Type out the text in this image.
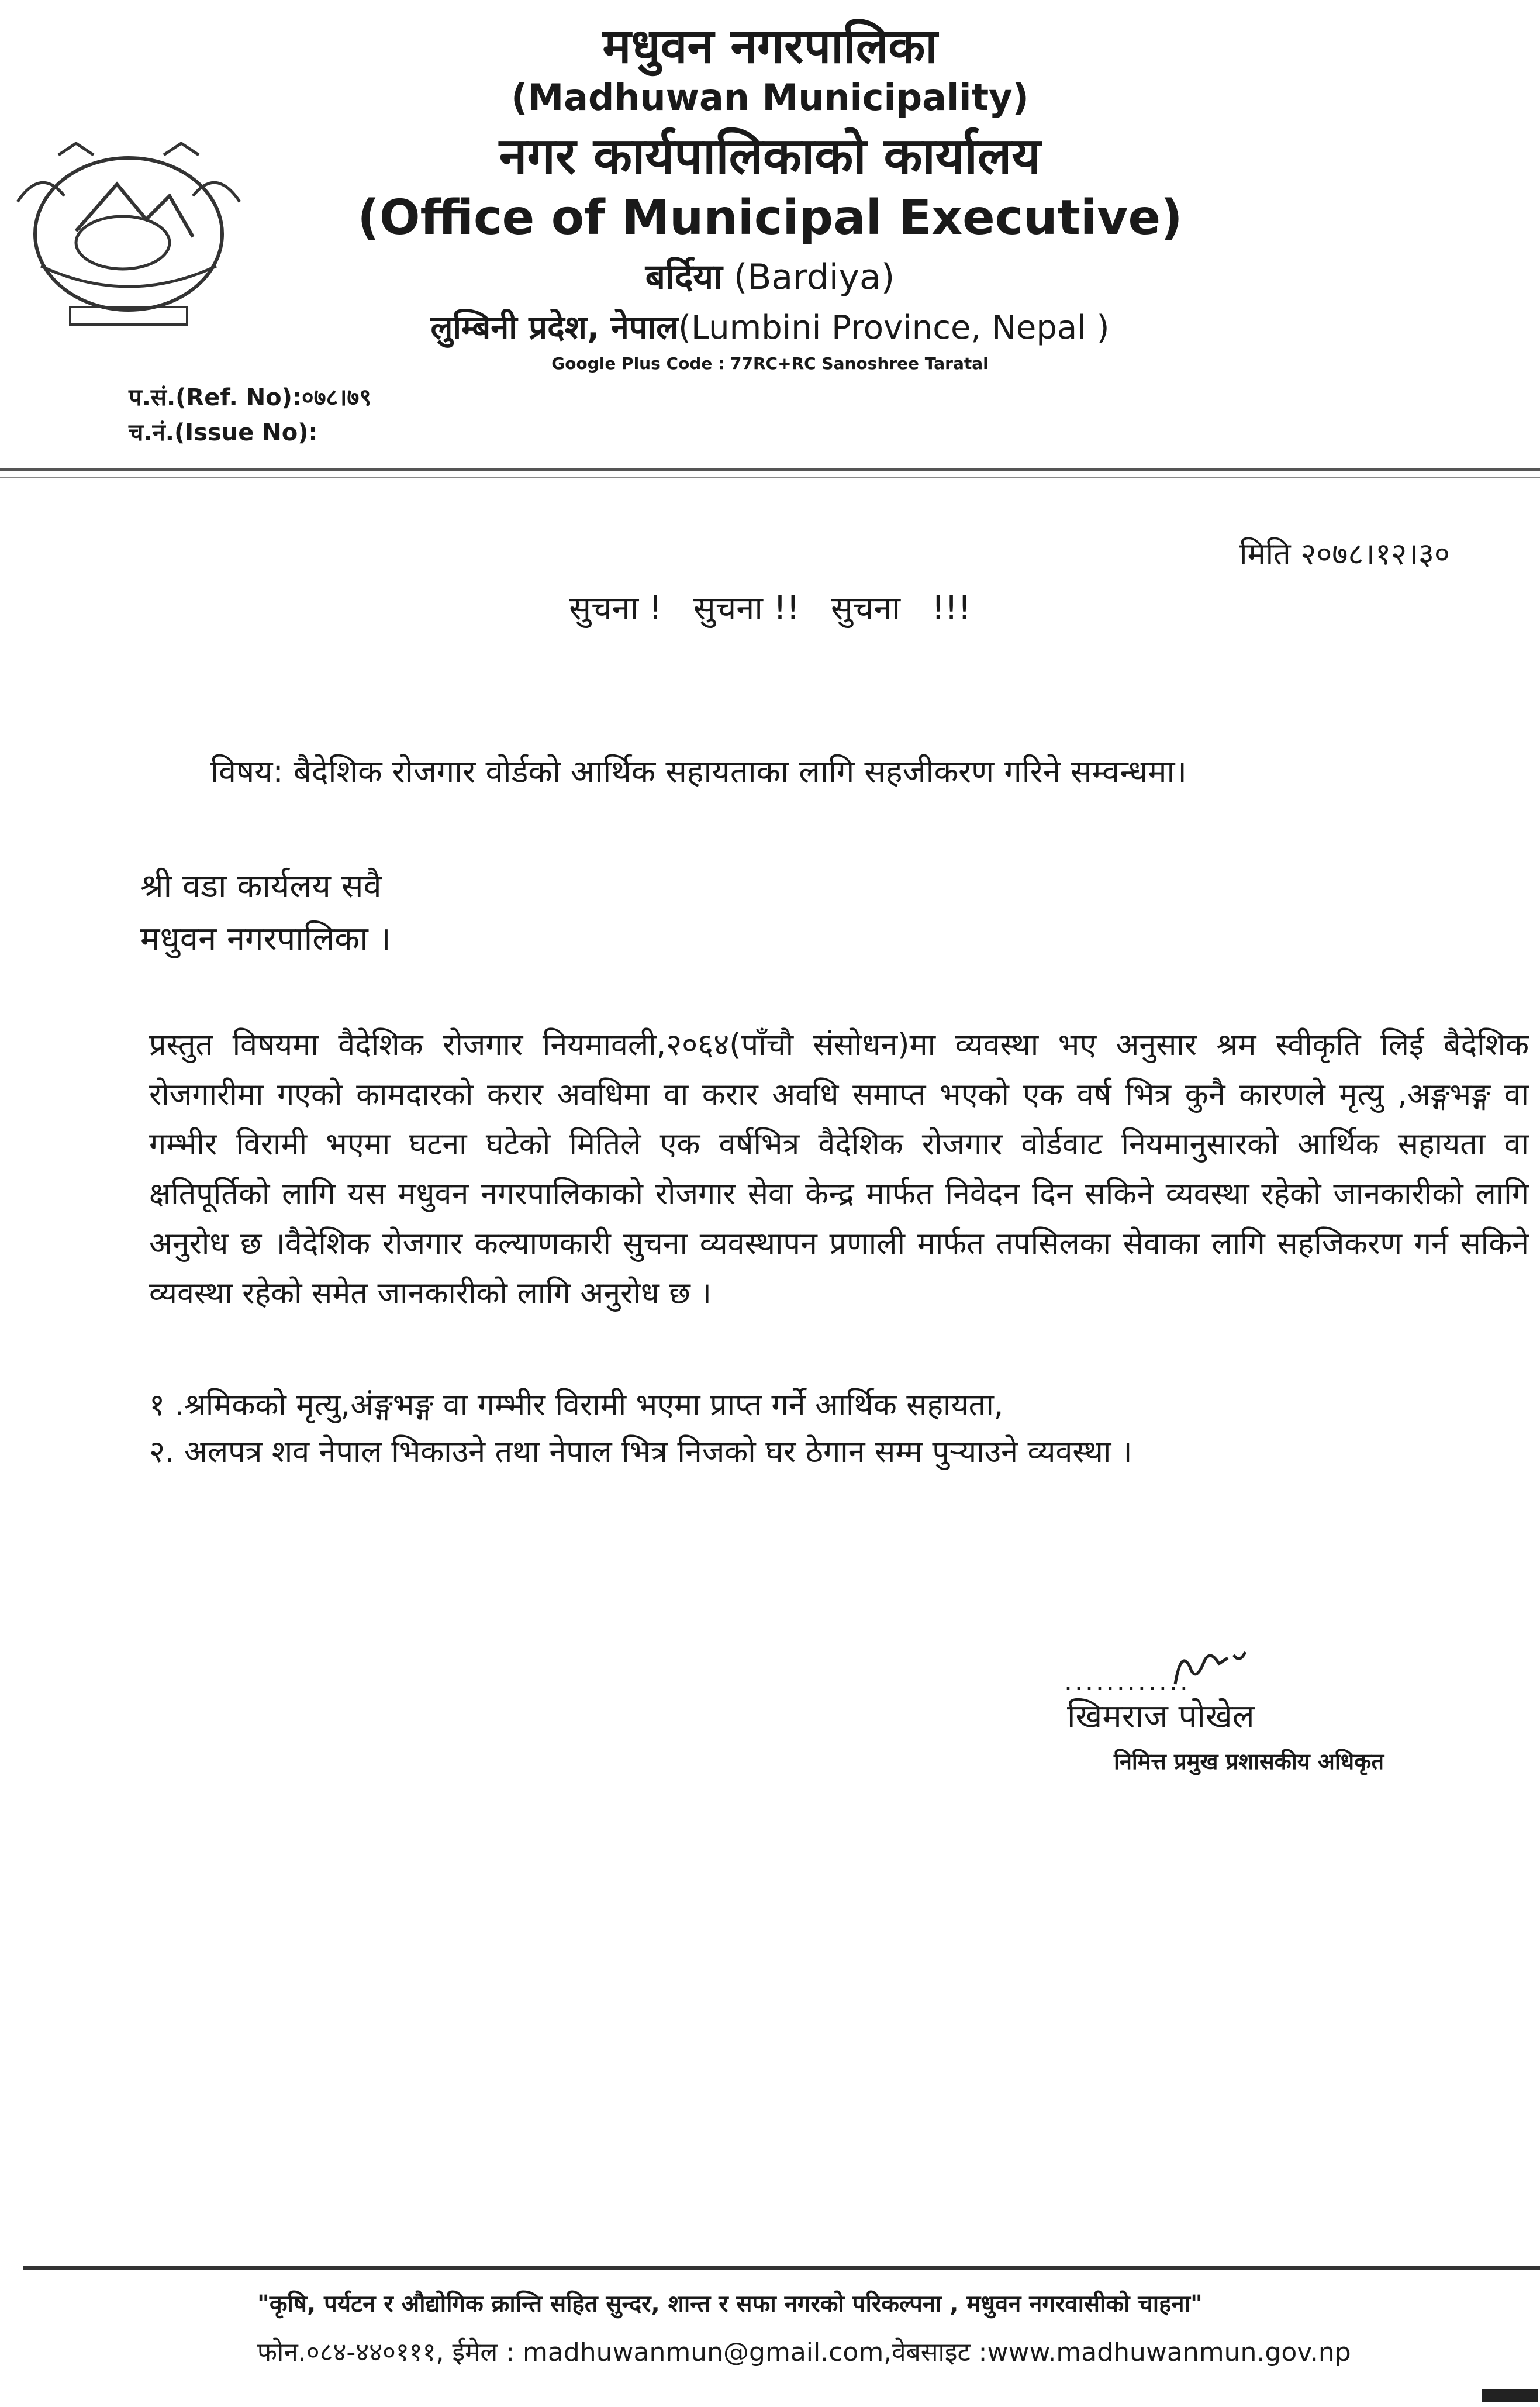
मधुवन नगरपालिका
(Madhuwan Municipality)
नगर कार्यपालिकाको कार्यालय
(Office of Municipal Executive)
बर्दिया (Bardiya)
लुम्बिनी प्रदेश, नेपाल(Lumbini Province, Nepal )
Google Plus Code : 77RC+RC Sanoshree Taratal
प.सं.(Ref. No):०७८।७९
च.नं.(Issue No):
मिति २०७८।१२।३०
सुचना !   सुचना !!   सुचना   !!!
विषय: बैदेशिक रोजगार वोर्डको आर्थिक सहायताका लागि सहजीकरण गरिने सम्वन्धमा।
श्री वडा कार्यलय सवै
मधुवन नगरपालिका ।
प्रस्तुत विषयमा वैदेशिक रोजगार नियमावली,२०६४(पाँचौ संसोधन)मा व्यवस्था भए अनुसार श्रम स्वीकृति लिई बैदेशिक रोजगारीमा गएको कामदारको करार अवधिमा वा करार अवधि समाप्त भएको एक वर्ष भित्र कुनै कारणले मृत्यु ,अङ्गभङ्ग वा गम्भीर विरामी भएमा घटना घटेको मितिले एक वर्षभित्र वैदेशिक रोजगार वोर्डवाट नियमानुसारको आर्थिक सहायता वा क्षतिपूर्तिको लागि यस मधुवन नगरपालिकाको रोजगार सेवा केन्द्र मार्फत निवेदन दिन सकिने व्यवस्था रहेको जानकारीको लागि अनुरोध छ ।वैदेशिक रोजगार कल्याणकारी सुचना व्यवस्थापन प्रणाली मार्फत तपसिलका सेवाका लागि सहजिकरण गर्न सकिने व्यवस्था रहेको समेत जानकारीको लागि अनुरोध छ ।
१ .श्रमिकको मृत्यु,अंङ्गभङ्ग वा गम्भीर विरामी भएमा प्राप्त गर्ने आर्थिक सहायता,
२. अलपत्र शव नेपाल भिकाउने तथा नेपाल भित्र निजको घर ठेगान सम्म पुऱ्याउने व्यवस्था ।
............
खिमराज पोखेल
निमित्त प्रमुख प्रशासकीय अधिकृत
"कृषि, पर्यटन र औद्योगिक क्रान्ति सहित सुन्दर, शान्त र सफा नगरको परिकल्पना , मधुवन नगरवासीको चाहना"
फोन.०८४-४४०१११, ईमेल : madhuwanmun@gmail.com,वेबसाइट :www.madhuwanmun.gov.np
